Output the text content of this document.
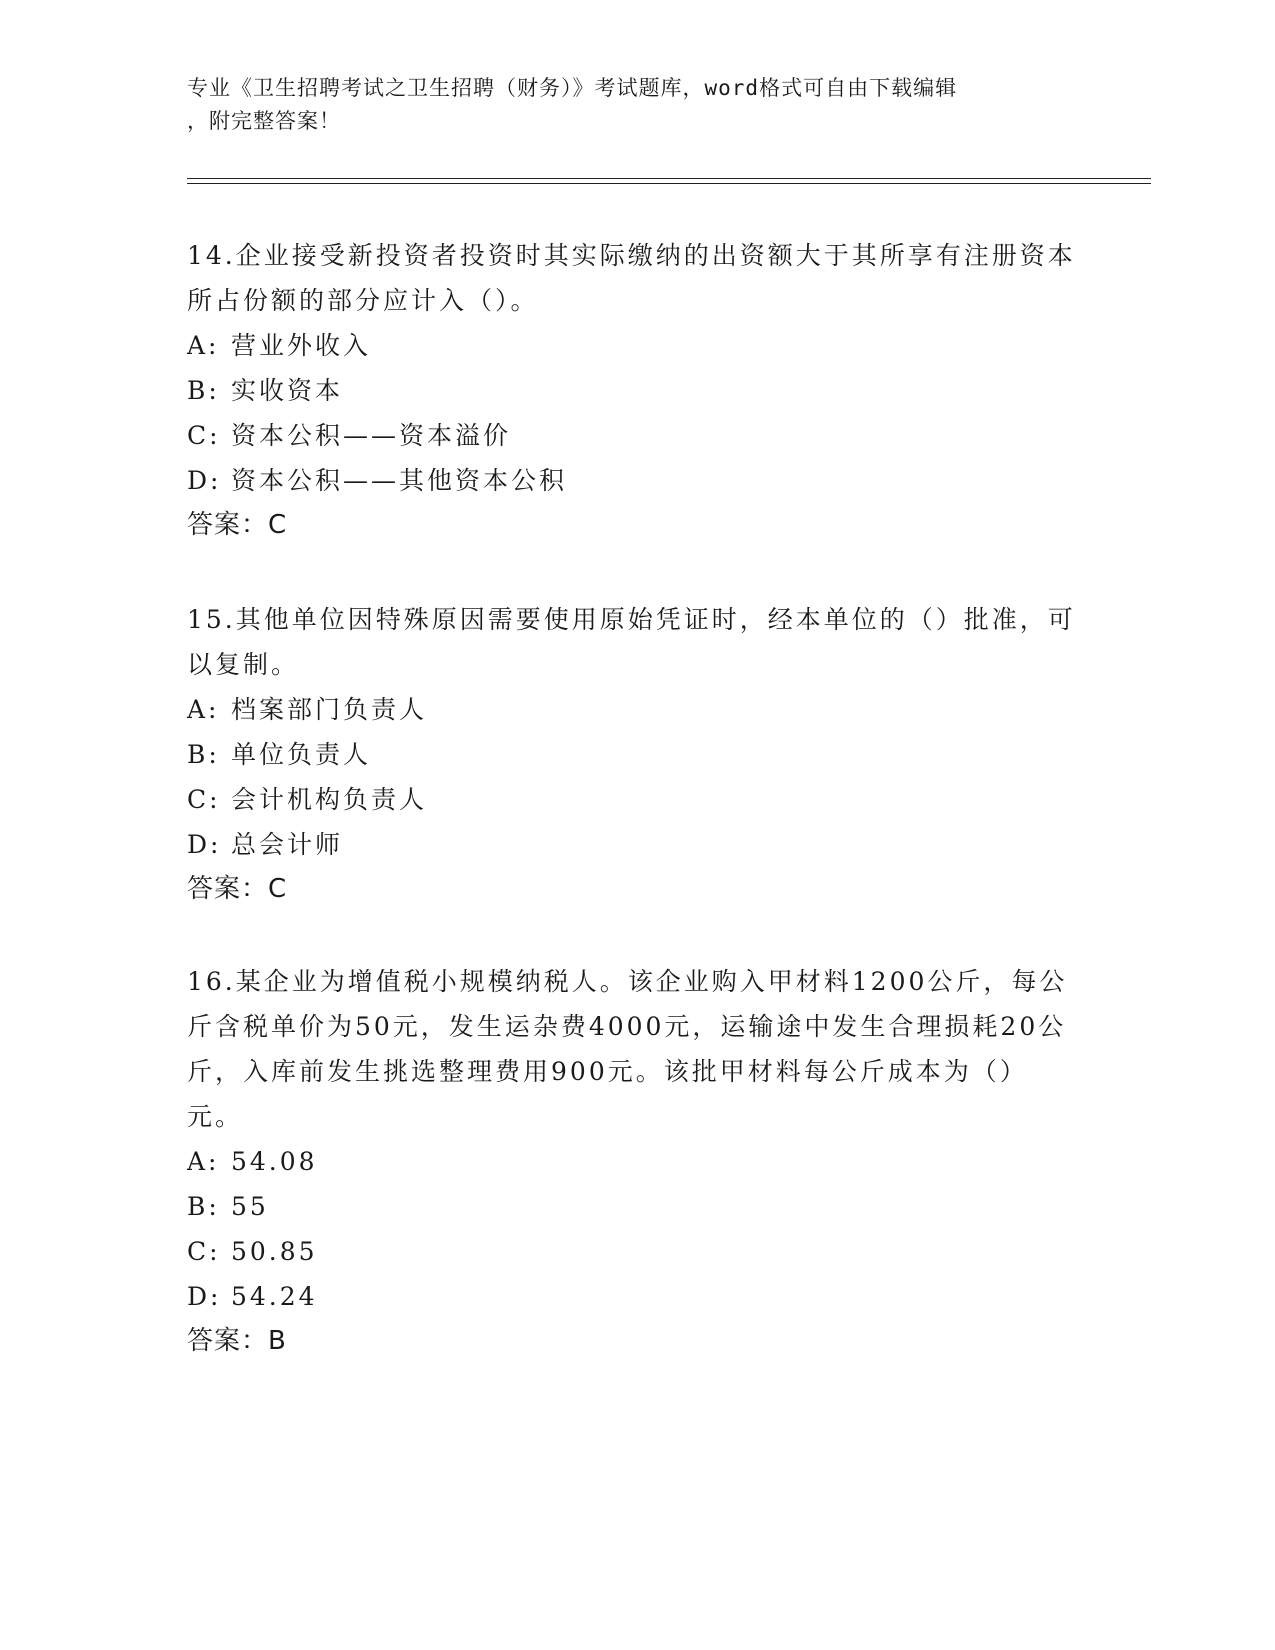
专业《卫生招聘考试之卫生招聘（财务）》考试题库，word格式可自由下载编辑
，附完整答案！

14.企业接受新投资者投资时其实际缴纳的出资额大于其所享有注册资本所占份额的部分应计入（）。

A: 营业外收入

B: 实收资本

C: 资本公积——资本溢价

D: 资本公积——其他资本公积

答案：C

15.其他单位因特殊原因需要使用原始凭证时，经本单位的（）批准，可以复制。

A: 档案部门负责人

B: 单位负责人

C: 会计机构负责人

D: 总会计师

答案：C

16.某企业为增值税小规模纳税人。该企业购入甲材料1200公斤，每公斤含税单价为50元，发生运杂费4000元，运输途中发生合理损耗20公斤，入库前发生挑选整理费用900元。该批甲材料每公斤成本为（）元。

A: 54.08

B: 55

C: 50.85

D: 54.24

答案：B
